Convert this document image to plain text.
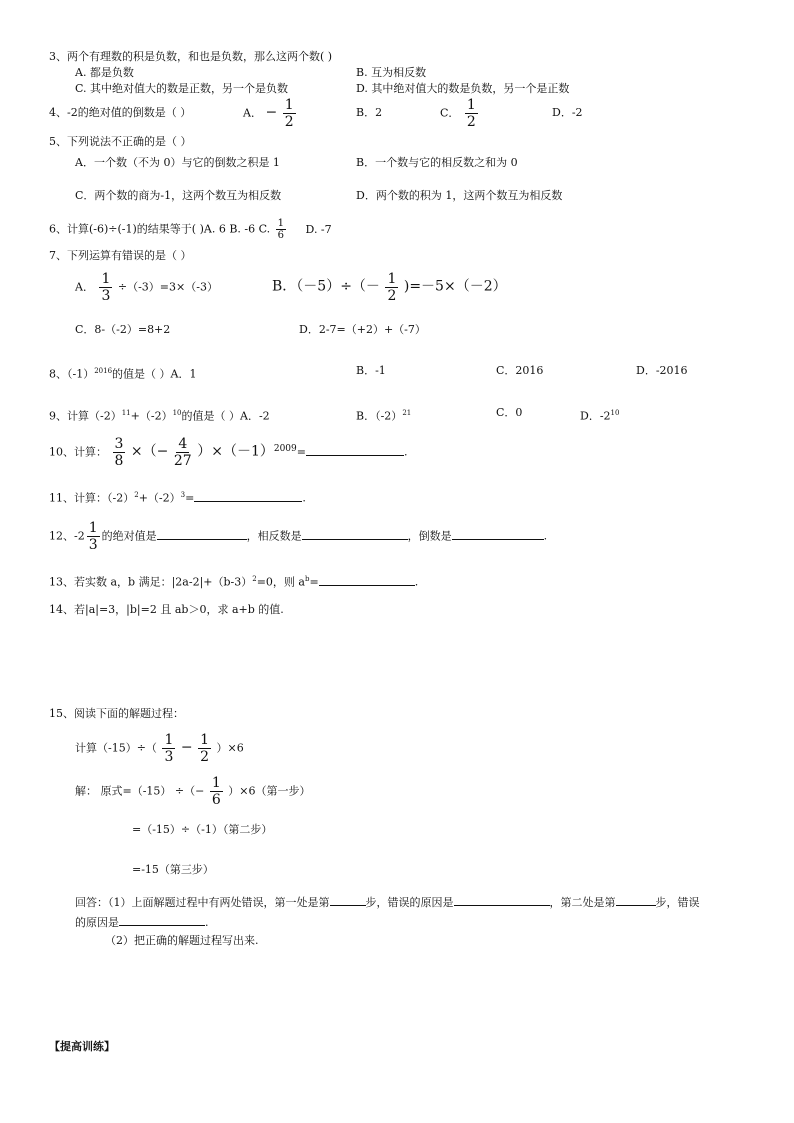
3、两个有理数的积是负数，和也是负数，那么这两个数( )
A. 都是负数	B. 互为相反数
C. 其中绝对值大的数是正数，另一个是负数	D. 其中绝对值大的数是负数，另一个是正数
4、-2的绝对值的倒数是（ ）	A． − $\frac{1}{2}$	B．2	C． $\frac{1}{2}$	D．-2
5、下列说法不正确的是（ ）
A．一个数（不为 0）与它的倒数之积是 1	B．一个数与它的相反数之和为 0
C．两个数的商为-1，这两个数互为相反数	D．两个数的积为 1，这两个数互为相反数
6、计算(-6)÷(-1)的结果等于( )A. 6 B. -6 C. $\frac{1}{6} D$. -7
7、下列运算有错误的是（ ）
A． $\frac{1}{3} \div(-3)=3\times(-3)$	B．$(-5)\div(- \frac{1}{2} )=-5\times(-2)$
C．8-（-2）=8+2	D．2-7=（+2）+（-7）
8、$(-1)^{2016}$的值是（ ）A．1	B．-1	C．2016	D．-2016
9、计算$(-2)^{11}+(-2)^{10}$的值是（ ）A．-2	B．$(-2)^{21}$	C．0	D．$-2^{10}$
10、计算： $\frac{3}{8}$ ×（− $\frac{4}{27} )\times(-1)^{2009}=$	.
11、计算：$(-2)^2+(-2)^3=$	.
12、$-2 \frac{1}{3}$ 的绝对值是	，相反数是	，倒数是	.
13、若实数 a，b 满足：$|2a-2|+(b-3)^2=0$，则 $a^b=$	.
14、若|a|=3，|b|=2 且 ab＞0，求 a+b 的值.
15、阅读下面的解题过程：
计算$(-15)\div( \frac{1}{3} - \frac{1}{2} )\times 6$
解： 原式=（-15） ÷（− $\frac{1}{6} )\times 6$（第一步）
=（-15）÷（-1）（第二步）
=-15（第三步）
回答：（1）上面解题过程中有两处错误，第一处是第	步，错误的原因是	，第二处是第	步，错误
的原因是	.
（2）把正确的解题过程写出来.
【提高训练】
